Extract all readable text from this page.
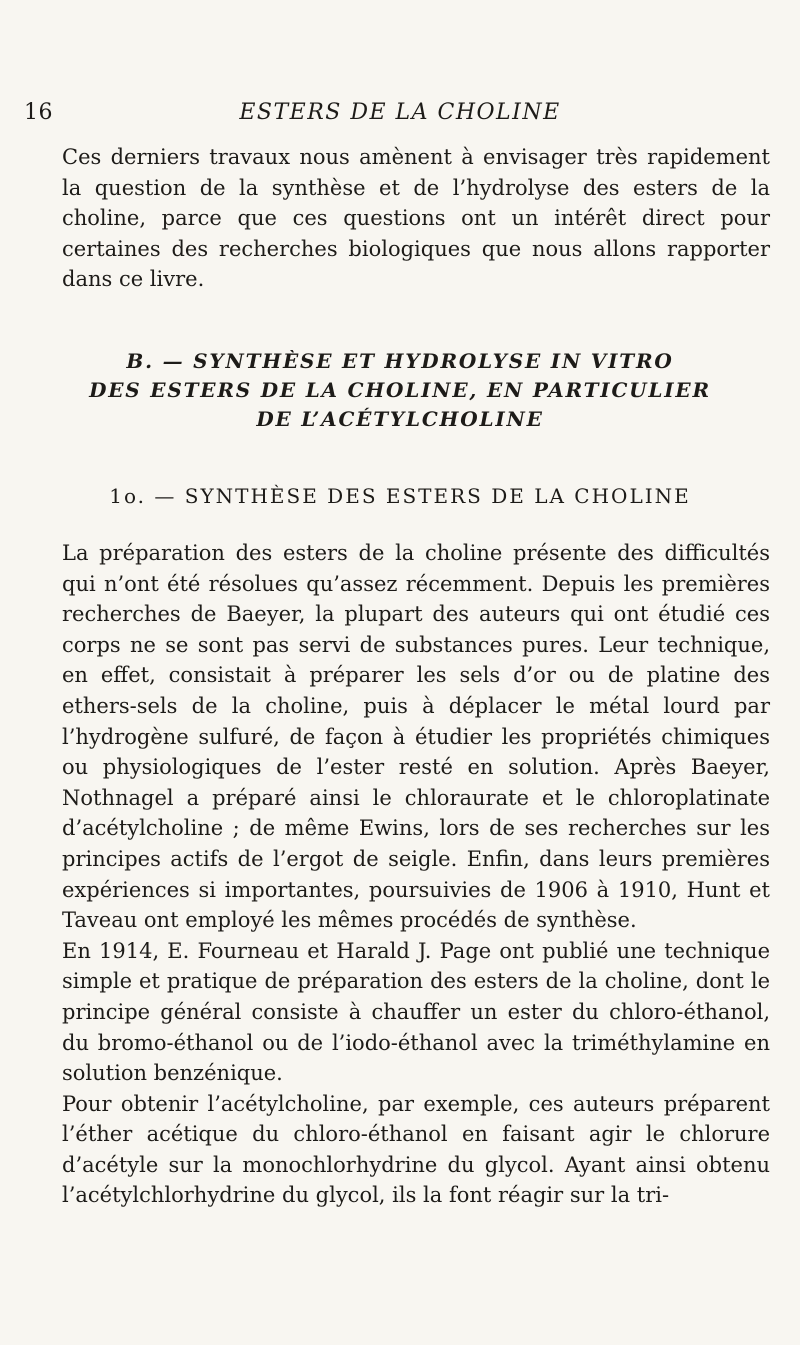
16	ESTERS DE LA CHOLINE

Ces derniers travaux nous amènent à envisager très rapidement la question de la synthèse et de l’hydrolyse des esters de la choline, parce que ces questions ont un intérêt direct pour certaines des recherches biologiques que nous allons rapporter dans ce livre.

B. — SYNTHÈSE ET HYDROLYSE IN VITRO
DES ESTERS DE LA CHOLINE, EN PARTICULIER
DE L’ACÉTYLCHOLINE
1o. — SYNTHÈSE DES ESTERS DE LA CHOLINE

La préparation des esters de la choline présente des difficultés qui n’ont été résolues qu’assez récemment. Depuis les premières recherches de Baeyer, la plupart des auteurs qui ont étudié ces corps ne se sont pas servi de substances pures. Leur technique, en effet, consistait à préparer les sels d’or ou de platine des ethers-sels de la choline, puis à déplacer le métal lourd par l’hydrogène sulfuré, de façon à étudier les propriétés chimiques ou physiologiques de l’ester resté en solution. Après Baeyer, Nothnagel a préparé ainsi le chloraurate et le chloroplatinate d’acétylcholine ; de même Ewins, lors de ses recherches sur les principes actifs de l’ergot de seigle. Enfin, dans leurs premières expériences si importantes, poursuivies de 1906 à 1910, Hunt et Taveau ont employé les mêmes procédés de synthèse.

En 1914, E. Fourneau et Harald J. Page ont publié une technique simple et pratique de préparation des esters de la choline, dont le principe général consiste à chauffer un ester du chloro-éthanol, du bromo-éthanol ou de l’iodo-éthanol avec la triméthylamine en solution benzénique.

Pour obtenir l’acétylcholine, par exemple, ces auteurs préparent l’éther acétique du chloro-éthanol en faisant agir le chlorure d’acétyle sur la monochlorhydrine du glycol. Ayant ainsi obtenu l’acétylchlorhydrine du glycol, ils la font réagir sur la tri-
